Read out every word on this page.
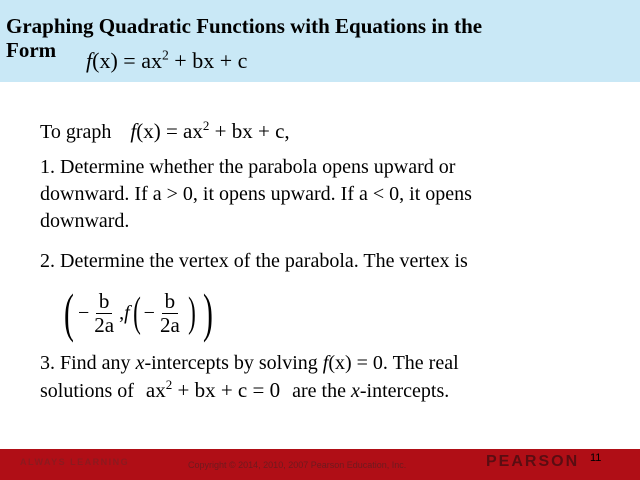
Graphing Quadratic Functions with Equations in the
Form	$f(x) = ax^2$ + bx + c
To graph $f(x) = ax^2$ + bx + c,
1. Determine whether the parabola opens upward or
downward. If a > 0, it opens upward. If a < 0, it opens
downward.
2. Determine the vertex of the parabola. The vertex is
3. Find any x-intercepts by solving f(x) = 0. The real
solutions of $ax^2$ + bx + c = 0 are the x-intercepts.
( − $\frac{b}{2a}$ , f ( − $\frac{b}{2a}$ ) )
ALWAYS LEARNING	Copyright © 2014, 2010, 2007 Pearson Education, Inc.	PEARSON 11
